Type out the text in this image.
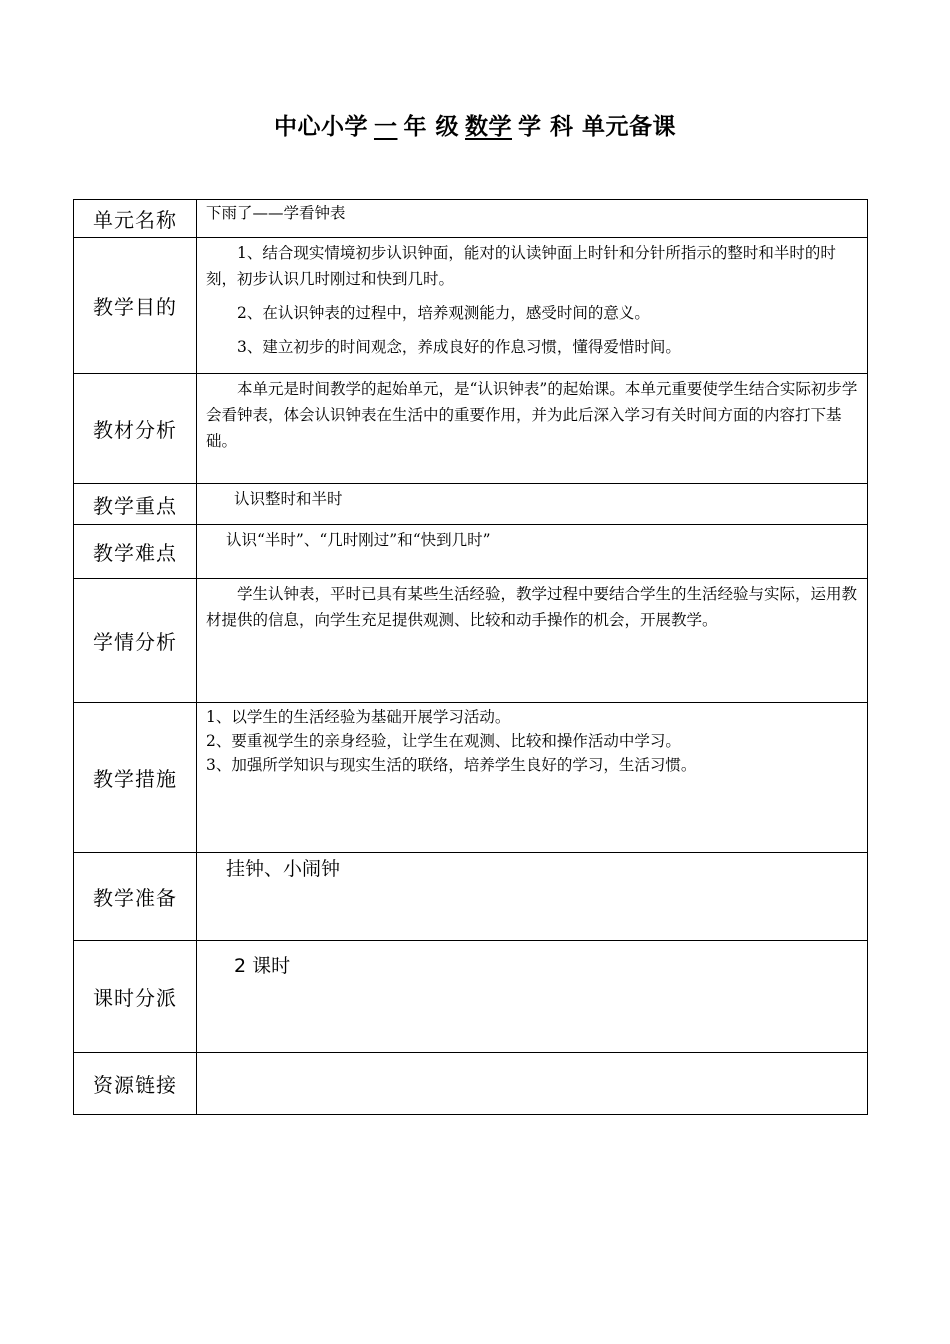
中心小学 一 年 级 数学 学 科 单元备课
单元名称	下雨了——学看钟表

教学目的	1、结合现实情境初步认识钟面，能对的认读钟面上时针和分针所指示的整时和半时的时刻，初步认识几时刚过和快到几时。

2、在认识钟表的过程中，培养观测能力，感受时间的意义。

3、建立初步的时间观念，养成良好的作息习惯，懂得爱惜时间。

教材分析	本单元是时间教学的起始单元，是“认识钟表”的起始课。本单元重要使学生结合实际初步学会看钟表，体会认识钟表在生活中的重要作用，并为此后深入学习有关时间方面的内容打下基础。

教学重点	认识整时和半时

教学难点	认识“半时”、“几时刚过”和“快到几时”

学情分析	学生认钟表，平时已具有某些生活经验，教学过程中要结合学生的生活经验与实际，运用教材提供的信息，向学生充足提供观测、比较和动手操作的机会，开展教学。

教学措施	1、以学生的生活经验为基础开展学习活动。

2、要重视学生的亲身经验，让学生在观测、比较和操作活动中学习。

3、加强所学知识与现实生活的联络，培养学生良好的学习，生活习惯。

教学准备	挂钟、小闹钟

课时分派	2 课时

资源链接	
